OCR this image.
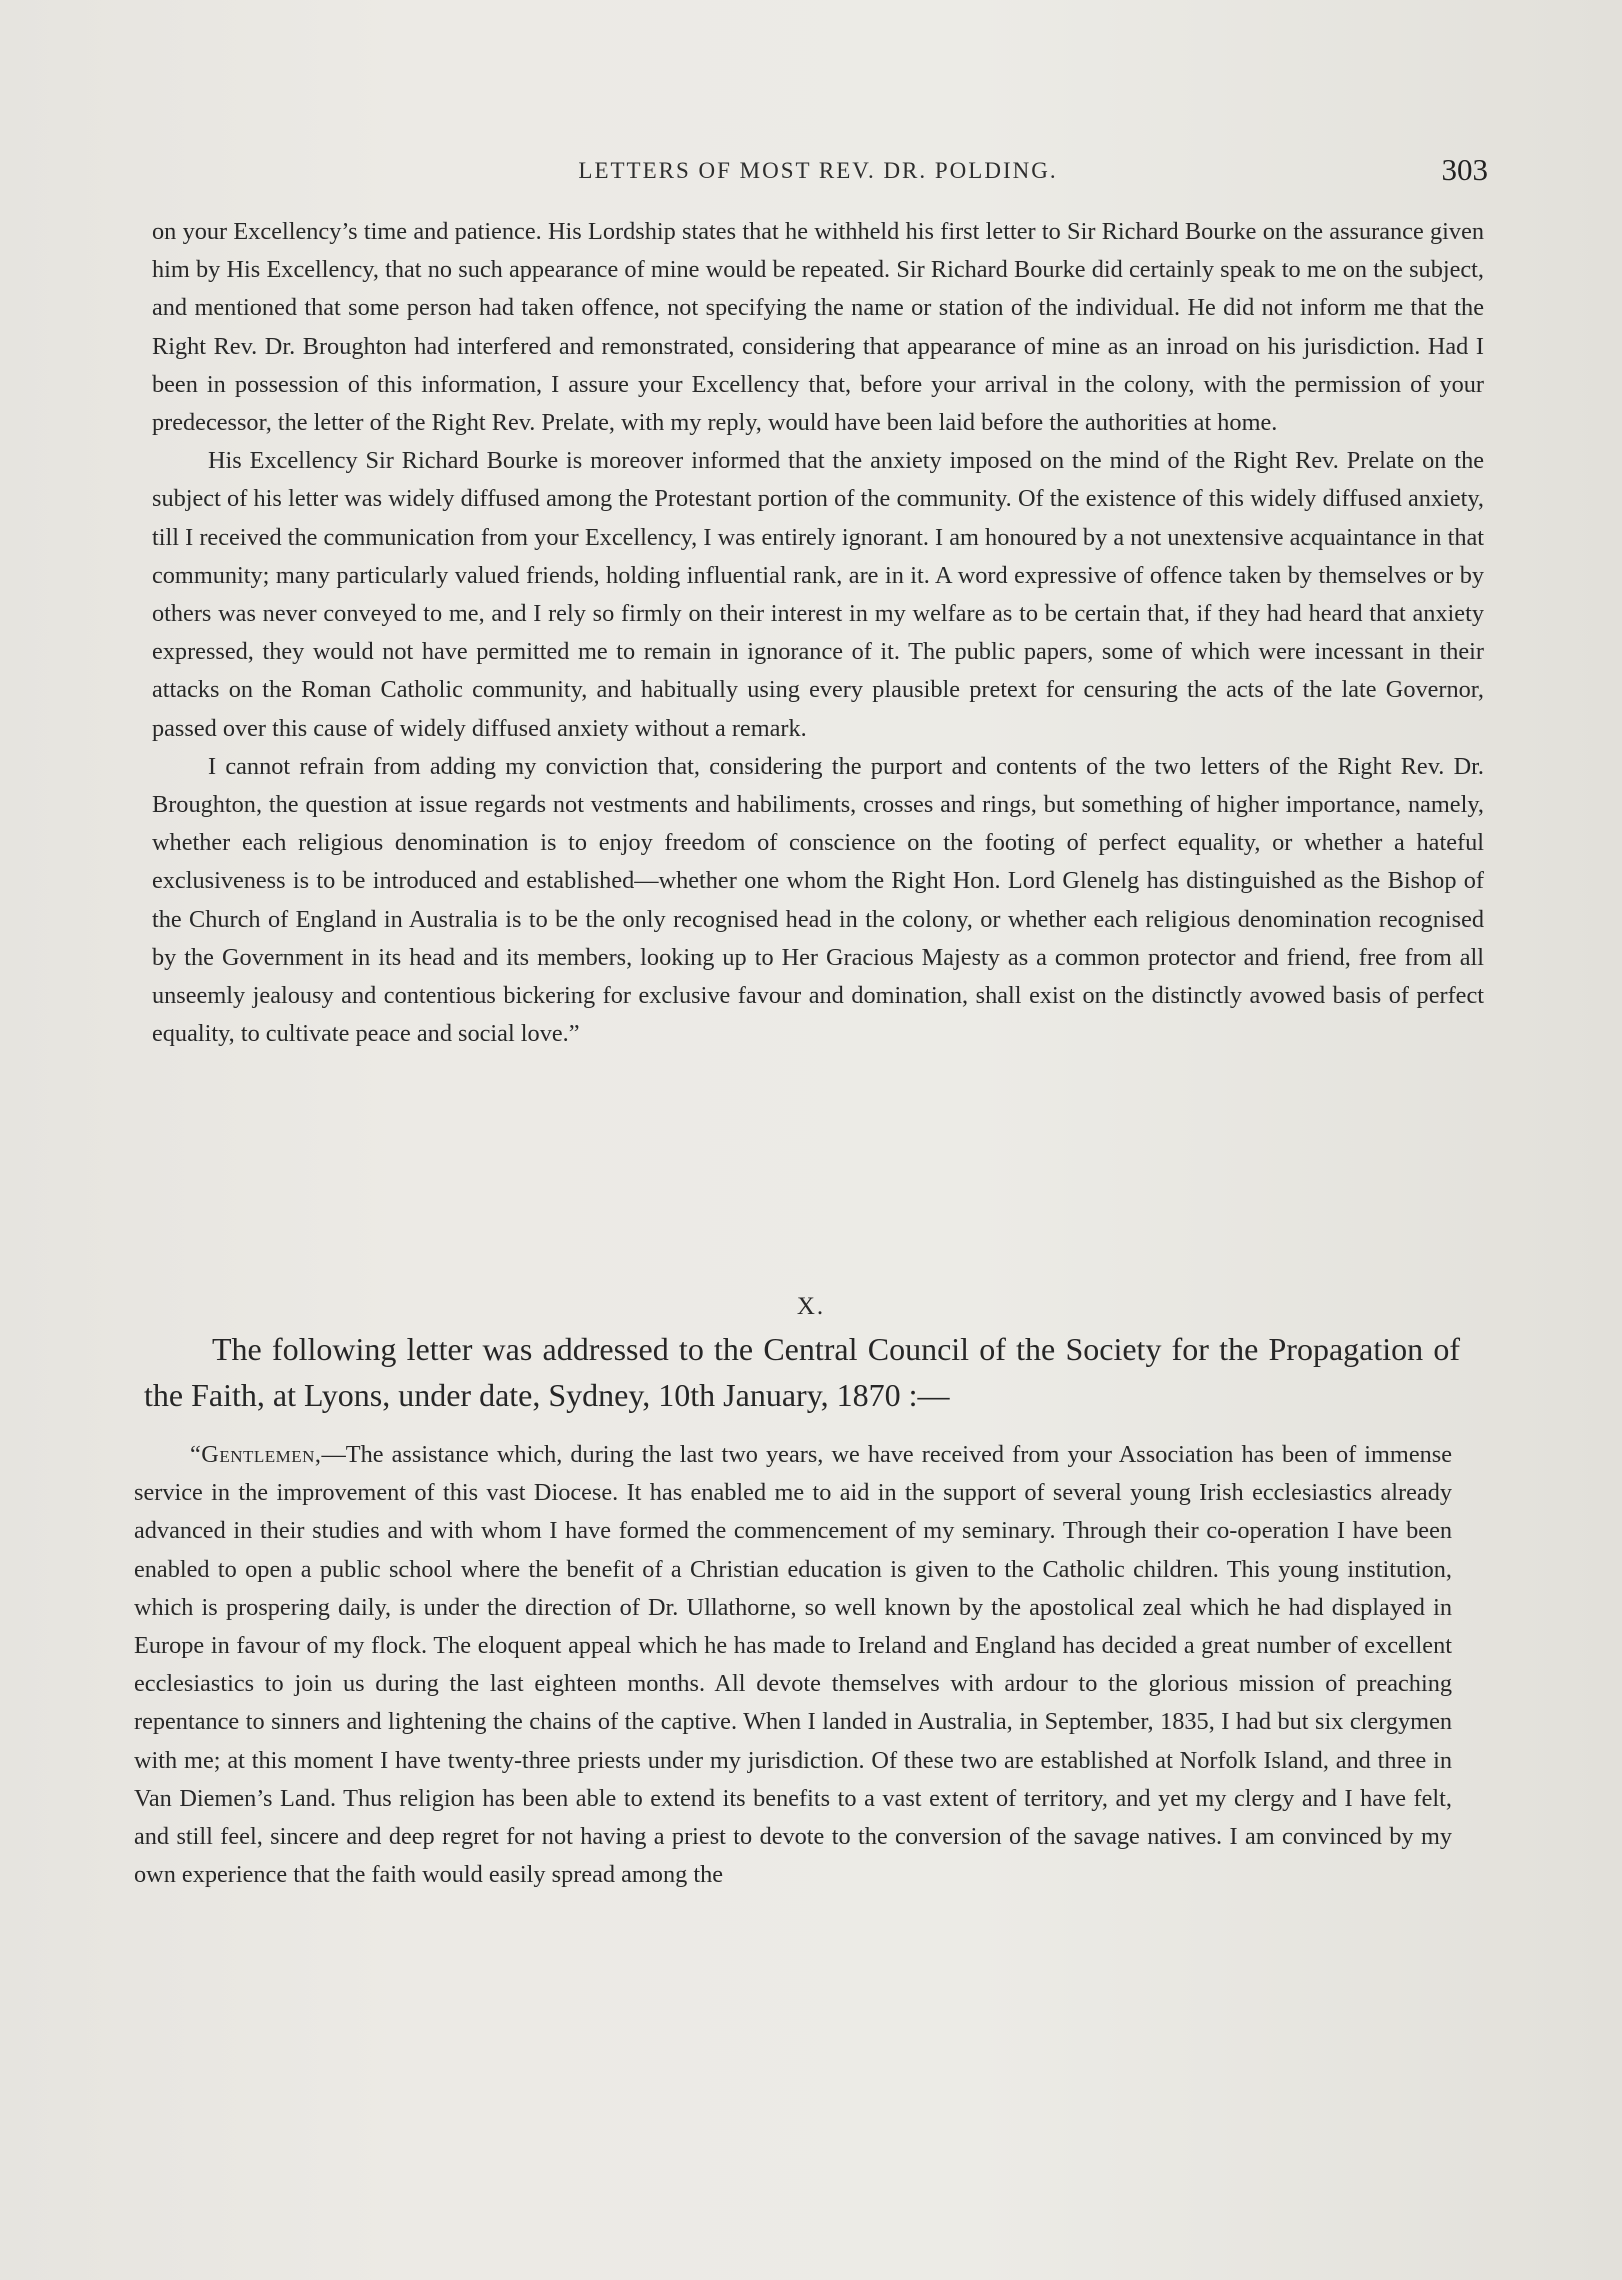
LETTERS OF MOST REV. DR. POLDING.	303

on your Excellency’s time and patience. His Lordship states that he withheld his first letter to Sir Richard Bourke on the assurance given him by His Excellency, that no such appearance of mine would be repeated. Sir Richard Bourke did certainly speak to me on the subject, and mentioned that some person had taken offence, not specifying the name or station of the individual. He did not inform me that the Right Rev. Dr. Broughton had interfered and remonstrated, considering that appearance of mine as an inroad on his jurisdiction. Had I been in possession of this information, I assure your Excellency that, before your arrival in the colony, with the permission of your predecessor, the letter of the Right Rev. Prelate, with my reply, would have been laid before the authorities at home.

His Excellency Sir Richard Bourke is moreover informed that the anxiety imposed on the mind of the Right Rev. Prelate on the subject of his letter was widely diffused among the Protestant portion of the community. Of the existence of this widely diffused anxiety, till I received the communication from your Excellency, I was entirely ignorant. I am honoured by a not unextensive acquaintance in that community; many particularly valued friends, holding influential rank, are in it. A word expressive of offence taken by themselves or by others was never conveyed to me, and I rely so firmly on their interest in my welfare as to be certain that, if they had heard that anxiety expressed, they would not have permitted me to remain in ignorance of it. The public papers, some of which were incessant in their attacks on the Roman Catholic community, and habitually using every plausible pretext for censuring the acts of the late Governor, passed over this cause of widely diffused anxiety without a remark.

I cannot refrain from adding my conviction that, considering the purport and contents of the two letters of the Right Rev. Dr. Broughton, the question at issue regards not vestments and habiliments, crosses and rings, but something of higher importance, namely, whether each religious denomination is to enjoy freedom of conscience on the footing of perfect equality, or whether a hateful exclusiveness is to be introduced and established—whether one whom the Right Hon. Lord Glenelg has distinguished as the Bishop of the Church of England in Australia is to be the only recognised head in the colony, or whether each religious denomination recognised by the Government in its head and its members, looking up to Her Gracious Majesty as a common protector and friend, free from all unseemly jealousy and contentious bickering for exclusive favour and domination, shall exist on the distinctly avowed basis of perfect equality, to cultivate peace and social love.”

X.
The following letter was addressed to the Central Council of the Society for the Propagation of the Faith, at Lyons, under date, Sydney, 10th January, 1870 :—

“Gentlemen,—The assistance which, during the last two years, we have received from your Association has been of immense service in the improvement of this vast Diocese. It has enabled me to aid in the support of several young Irish ecclesiastics already advanced in their studies and with whom I have formed the commencement of my seminary. Through their co-operation I have been enabled to open a public school where the benefit of a Christian education is given to the Catholic children. This young institution, which is prospering daily, is under the direction of Dr. Ullathorne, so well known by the apostolical zeal which he had displayed in Europe in favour of my flock. The eloquent appeal which he has made to Ireland and England has decided a great number of excellent ecclesiastics to join us during the last eighteen months. All devote themselves with ardour to the glorious mission of preaching repentance to sinners and lightening the chains of the captive. When I landed in Australia, in September, 1835, I had but six clergymen with me; at this moment I have twenty-three priests under my jurisdiction. Of these two are established at Norfolk Island, and three in Van Diemen’s Land. Thus religion has been able to extend its benefits to a vast extent of territory, and yet my clergy and I have felt, and still feel, sincere and deep regret for not having a priest to devote to the conversion of the savage natives. I am convinced by my own experience that the faith would easily spread among the
